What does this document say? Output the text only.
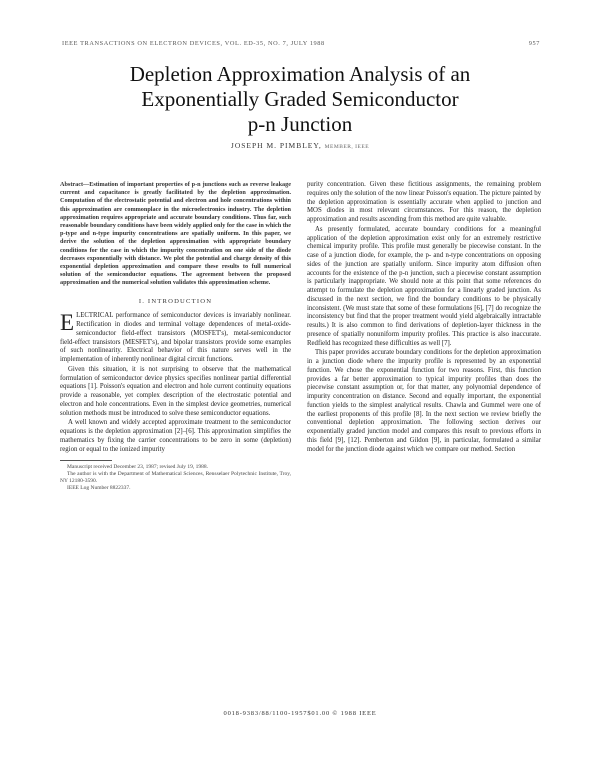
IEEE TRANSACTIONS ON ELECTRON DEVICES, VOL. ED-35, NO. 7, JULY 1988	957
Depletion Approximation Analysis of an
Exponentially Graded Semiconductor
p-n Junction
JOSEPH M. PIMBLEY, MEMBER, IEEE

Abstract—Estimation of important properties of p-n junctions such as reverse leakage current and capacitance is greatly facilitated by the depletion approximation. Computation of the electrostatic potential and electron and hole concentrations within this approximation are commonplace in the microelectronics industry. The depletion approximation requires appropriate and accurate boundary conditions. Thus far, such reasonable boundary conditions have been widely applied only for the case in which the p-type and n-type impurity concentrations are spatially uniform. In this paper, we derive the solution of the depletion approximation with appropriate boundary conditions for the case in which the impurity concentration on one side of the diode decreases exponentially with distance. We plot the potential and charge density of this exponential depletion approximation and compare these results to full numerical solution of the semiconductor equations. The agreement between the proposed approximation and the numerical solution validates this approximation scheme.

I. INTRODUCTION

ELECTRICAL performance of semiconductor devices is invariably nonlinear. Rectification in diodes and terminal voltage dependences of metal-oxide-semiconductor field-effect transistors (MOSFET's), metal-semiconductor field-effect transistors (MESFET's), and bipolar transistors provide some examples of such nonlinearity. Electrical behavior of this nature serves well in the implementation of inherently nonlinear digital circuit functions.

Given this situation, it is not surprising to observe that the mathematical formulation of semiconductor device physics specifies nonlinear partial differential equations [1]. Poisson's equation and electron and hole current continuity equations provide a reasonable, yet complex description of the electrostatic potential and electron and hole concentrations. Even in the simplest device geometries, numerical solution methods must be introduced to solve these semiconductor equations.

A well known and widely accepted approximate treatment to the semiconductor equations is the depletion approximation [2]–[6]. This approximation simplifies the mathematics by fixing the carrier concentrations to be zero in some (depletion) region or equal to the ionized impurity

Manuscript received December 23, 1987; revised July 19, 1988.

The author is with the Department of Mathematical Sciences, Rensselaer Polytechnic Institute, Troy, NY 12180-3590.

IEEE Log Number 8822337.

purity concentration. Given these fictitious assignments, the remaining problem requires only the solution of the now linear Poisson's equation. The picture painted by the depletion approximation is essentially accurate when applied to junction and MOS diodes in most relevant circumstances. For this reason, the depletion approximation and results ascending from this method are quite valuable.

As presently formulated, accurate boundary conditions for a meaningful application of the depletion approximation exist only for an extremely restrictive chemical impurity profile. This profile must generally be piecewise constant. In the case of a junction diode, for example, the p- and n-type concentrations on opposing sides of the junction are spatially uniform. Since impurity atom diffusion often accounts for the existence of the p-n junction, such a piecewise constant assumption is particularly inappropriate. We should note at this point that some references do attempt to formulate the depletion approximation for a linearly graded junction. As discussed in the next section, we find the boundary conditions to be physically inconsistent. (We must state that some of these formulations [6], [7] do recognize the inconsistency but find that the proper treatment would yield algebraically intractable results.) It is also common to find derivations of depletion-layer thickness in the presence of spatially nonuniform impurity profiles. This practice is also inaccurate. Redfield has recognized these difficulties as well [7].

This paper provides accurate boundary conditions for the depletion approximation in a junction diode where the impurity profile is represented by an exponential function. We chose the exponential function for two reasons. First, this function provides a far better approximation to typical impurity profiles than does the piecewise constant assumption or, for that matter, any polynomial dependence of impurity concentration on distance. Second and equally important, the exponential function yields to the simplest analytical results. Chawla and Gummel were one of the earliest proponents of this profile [8]. In the next section we review briefly the conventional depletion approximation. The following section derives our exponentially graded junction model and compares this result to previous efforts in this field [9], [12]. Pemberton and Gildon [9], in particular, formulated a similar model for the junction diode against which we compare our method. Section

0018-9383/88/1100-1957$01.00 © 1988 IEEE
